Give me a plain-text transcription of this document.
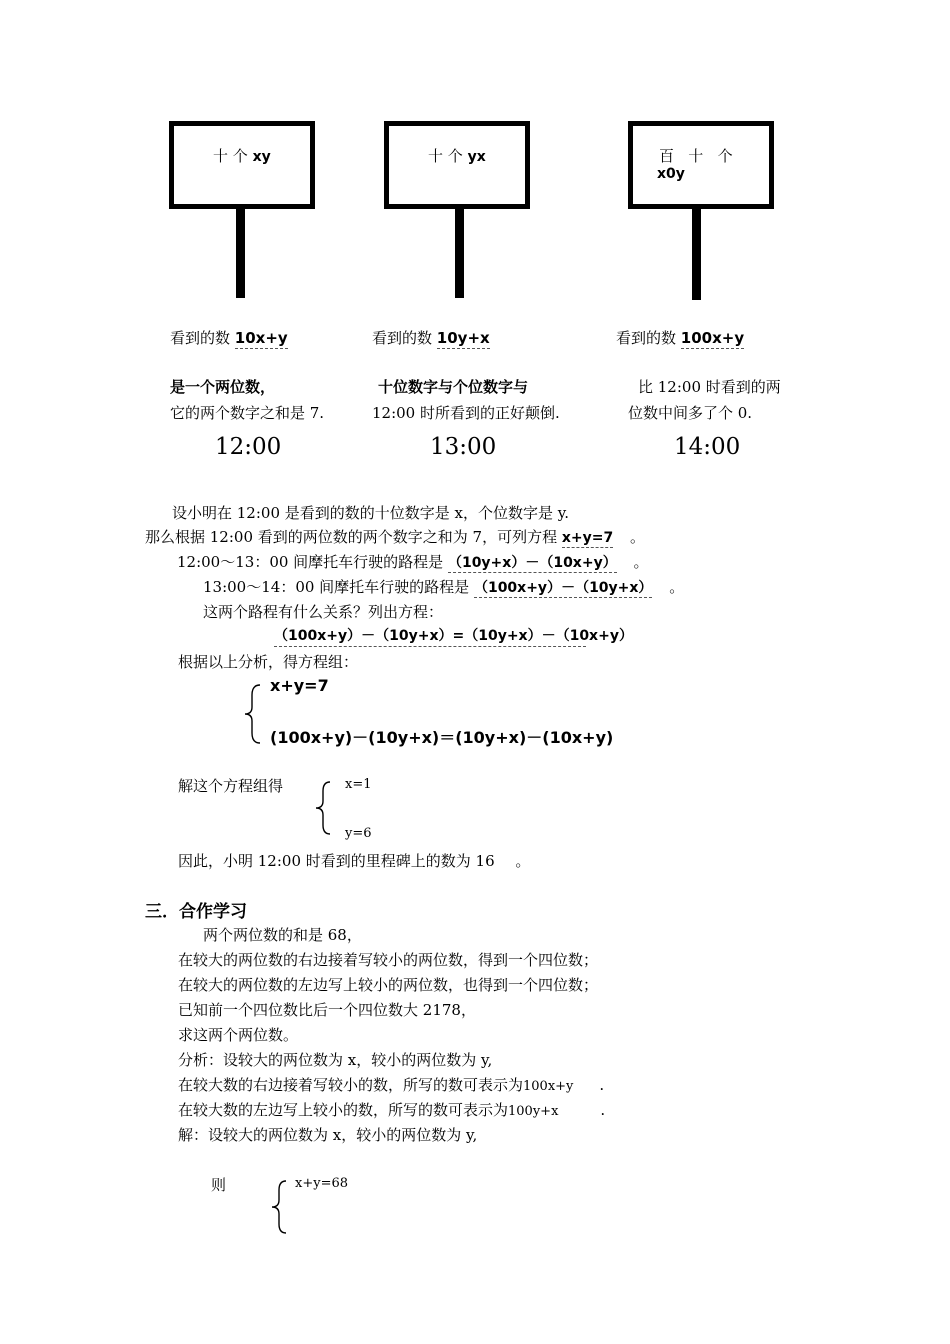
十 个 xy	十 个 yx	百   十   个
x0y
看到的数 10x+y	看到的数 10y+x	看到的数 100x+y
是一个两位数，
它的两个数字之和是 7.
12:00
十位数字与个位数字与
12:00 时所看到的正好颠倒.
13:00
比 12:00 时看到的两
位数中间多了个 0.
14:00
设小明在 12:00 是看到的数的十位数字是 x，个位数字是 y.
那么根据 12:00 看到的两位数的两个数字之和为 7，可列方程 x+y=7 。
12:00～13：00 间摩托车行驶的路程是 （10y+x）－（10x+y） 。
13:00～14：00 间摩托车行驶的路程是 （100x+y）－（10y+x） 。
这两个路程有什么关系？列出方程：
（100x+y）－（10y+x）=（10y+x）－（10x+y）
根据以上分析，得方程组：
x+y=7
(100x+y)－(10y+x)＝(10y+x)－(10x+y)
解这个方程组得	x=1
y=6
因此，小明 12:00 时看到的里程碑上的数为 16 。
三．合作学习
两个两位数的和是 68，
在较大的两位数的右边接着写较小的两位数，得到一个四位数；
在较大的两位数的左边写上较小的两位数，也得到一个四位数；
已知前一个四位数比后一个四位数大 2178，
求这两个两位数。
分析：设较大的两位数为 x，较小的两位数为 y,
在较大数的右边接着写较小的数，所写的数可表示为100x+y .
在较大数的左边写上较小的数，所写的数可表示为100y+x	.
解：设较大的两位数为 x，较小的两位数为 y,
则	x+y=68
